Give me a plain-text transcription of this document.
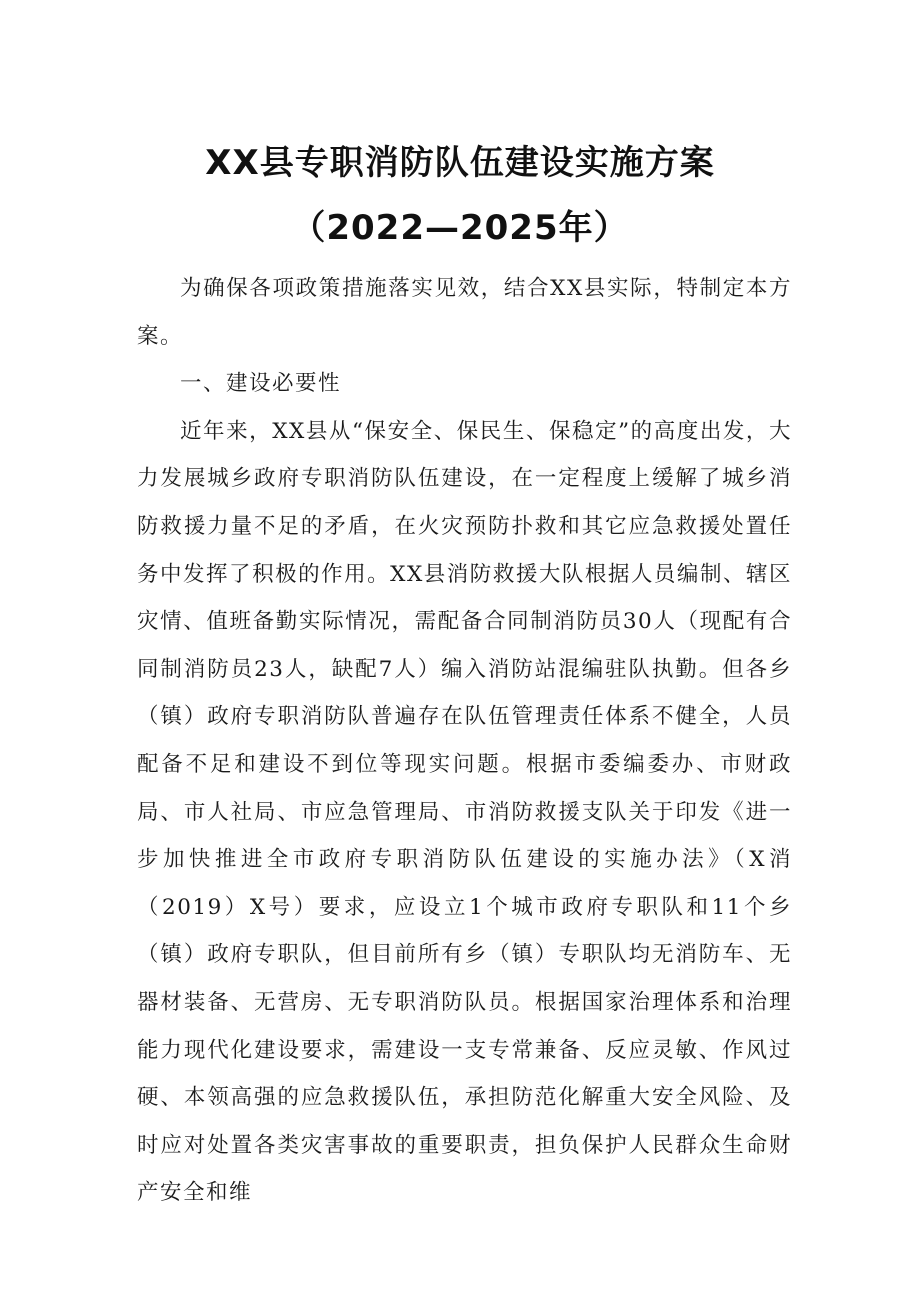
XX县专职消防队伍建设实施方案
（2022—2025年）

为确保各项政策措施落实见效，结合XX县实际，特制定本方案。

一、建设必要性

近年来，XX县从“保安全、保民生、保稳定”的高度出发，大力发展城乡政府专职消防队伍建设，在一定程度上缓解了城乡消防救援力量不足的矛盾，在火灾预防扑救和其它应急救援处置任务中发挥了积极的作用。XX县消防救援大队根据人员编制、辖区灾情、值班备勤实际情况，需配备合同制消防员30人（现配有合同制消防员23人，缺配7人）编入消防站混编驻队执勤。但各乡（镇）政府专职消防队普遍存在队伍管理责任体系不健全，人员配备不足和建设不到位等现实问题。根据市委编委办、市财政局、市人社局、市应急管理局、市消防救援支队关于印发《进一步加快推进全市政府专职消防队伍建设的实施办法》（X消（2019）X号）要求，应设立1个城市政府专职队和11个乡（镇）政府专职队，但目前所有乡（镇）专职队均无消防车、无器材装备、无营房、无专职消防队员。根据国家治理体系和治理能力现代化建设要求，需建设一支专常兼备、反应灵敏、作风过硬、本领高强的应急救援队伍，承担防范化解重大安全风险、及时应对处置各类灾害事故的重要职责，担负保护人民群众生命财产安全和维
